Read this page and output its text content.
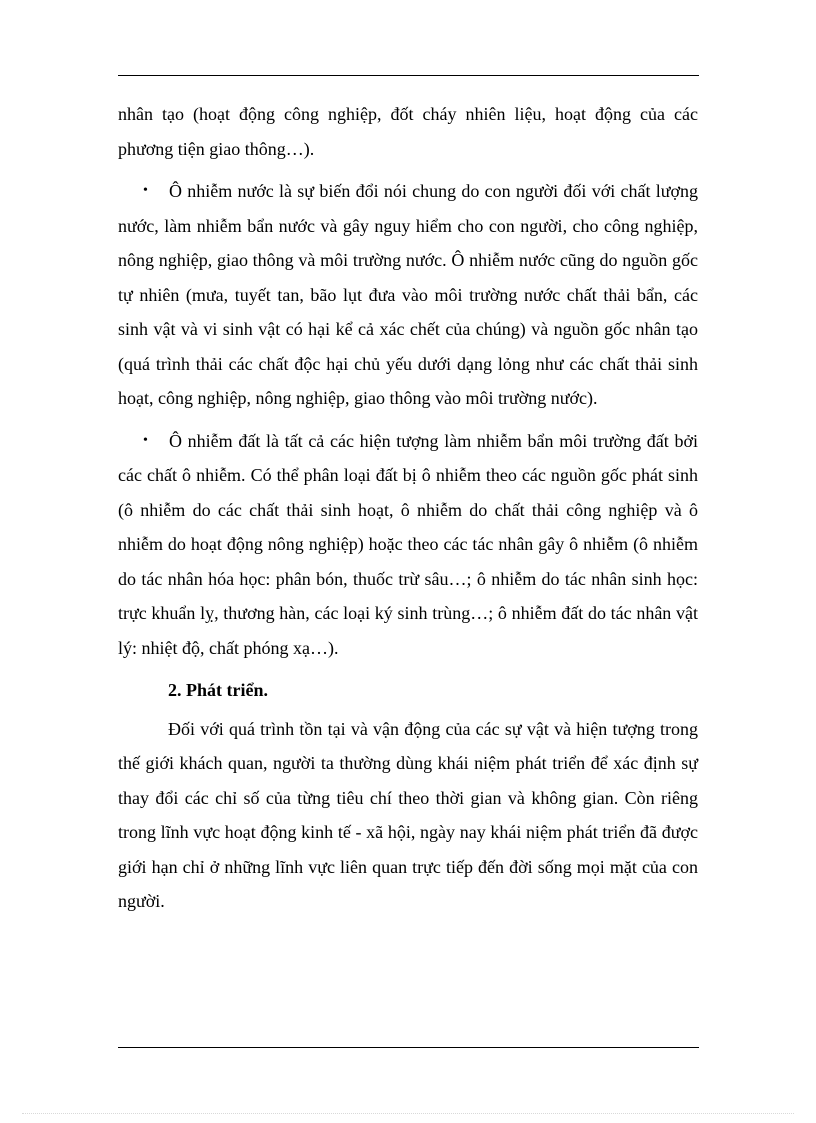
nhân tạo (hoạt động công nghiệp, đốt cháy nhiên liệu, hoạt động của các phương tiện giao thông…).

• Ô nhiễm nước là sự biến đổi nói chung do con người đối với chất lượng nước, làm nhiễm bẩn nước và gây nguy hiểm cho con người, cho công nghiệp, nông nghiệp, giao thông và môi trường nước. Ô nhiễm nước cũng do nguồn gốc tự nhiên (mưa, tuyết tan, bão lụt đưa vào môi trường nước chất thải bẩn, các sinh vật và vi sinh vật có hại kể cả xác chết của chúng) và nguồn gốc nhân tạo (quá trình thải các chất độc hại chủ yếu dưới dạng lỏng như các chất thải sinh hoạt, công nghiệp, nông nghiệp, giao thông vào môi trường nước).

• Ô nhiễm đất là tất cả các hiện tượng làm nhiễm bẩn môi trường đất bởi các chất ô nhiễm. Có thể phân loại đất bị ô nhiễm theo các nguồn gốc phát sinh (ô nhiễm do các chất thải sinh hoạt, ô nhiễm do chất thải công nghiệp và ô nhiễm do hoạt động nông nghiệp) hoặc theo các tác nhân gây ô nhiễm (ô nhiễm do tác nhân hóa học: phân bón, thuốc trừ sâu…; ô nhiễm do tác nhân sinh học: trực khuẩn lỵ, thương hàn, các loại ký sinh trùng…; ô nhiễm đất do tác nhân vật lý: nhiệt độ, chất phóng xạ…).

2. Phát triển.

Đối với quá trình tồn tại và vận động của các sự vật và hiện tượng trong thế giới khách quan, người ta thường dùng khái niệm phát triển để xác định sự thay đổi các chỉ số của từng tiêu chí theo thời gian và không gian. Còn riêng trong lĩnh vực hoạt động kinh tế - xã hội, ngày nay khái niệm phát triển đã được giới hạn chỉ ở những lĩnh vực liên quan trực tiếp đến đời sống mọi mặt của con người.
